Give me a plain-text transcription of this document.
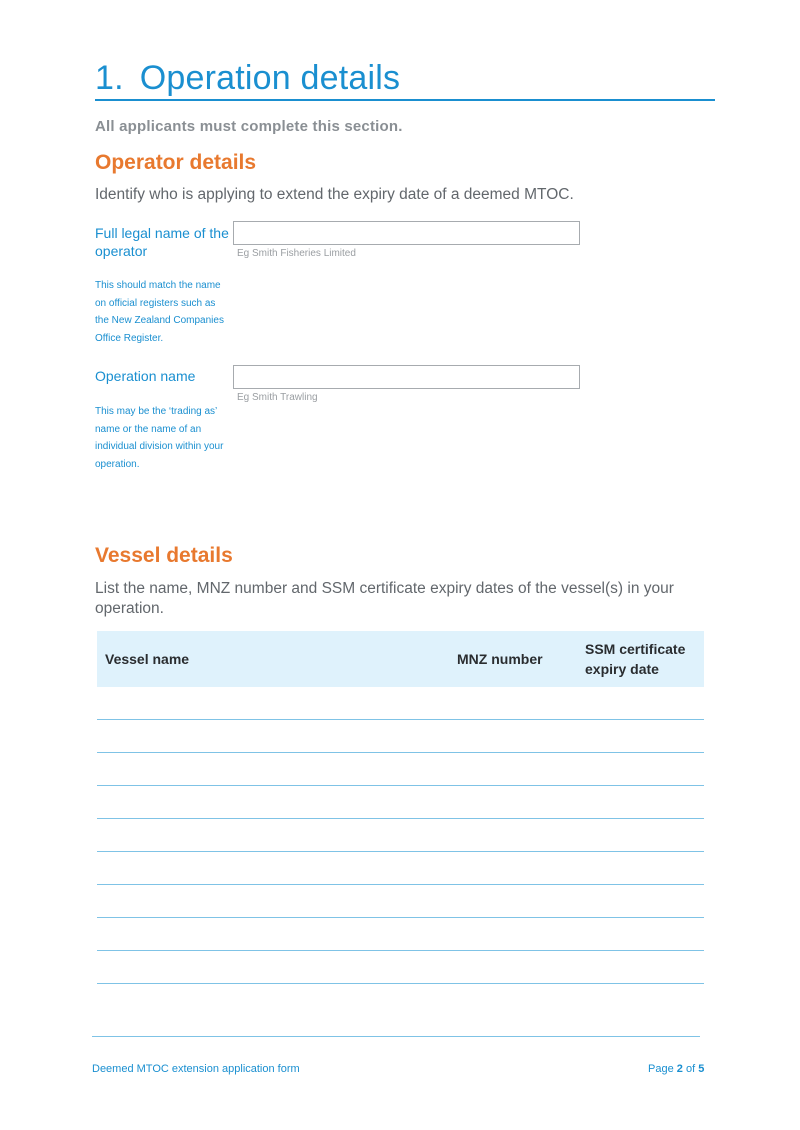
1. Operation details
All applicants must complete this section.
Operator details
Identify who is applying to extend the expiry date of a deemed MTOC.
Full legal name of the operator	Eg Smith Fisheries Limited
This should match the name on official registers such as the New Zealand Companies Office Register.
Operation name
Eg Smith Trawling
This may be the ‘trading as’ name or the name of an individual division within your operation.
Vessel details
List the name, MNZ number and SSM certificate expiry dates of the vessel(s) in your operation.
Vessel name	MNZ number	SSM certificate expiry date

Deemed MTOC extension application form	Page 2 of 5
